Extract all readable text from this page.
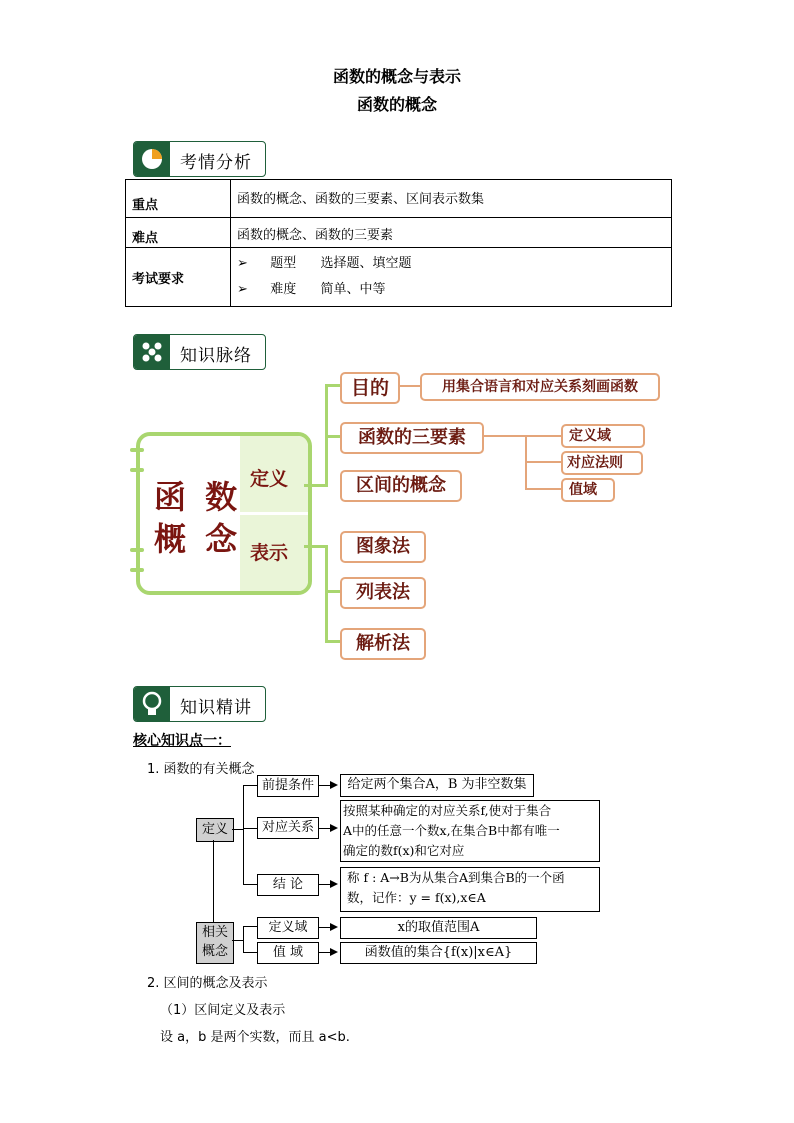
函数的概念与表示
函数的概念
考情分析
重点	函数的概念、函数的三要素、区间表示数集
难点	函数的概念、函数的三要素
考试要求	➢ 题型 选择题、填空题
➢ 难度 简单、中等
知识脉络
函 数
概 念
定义
表示
目的	用集合语言和对应关系刻画函数
函数的三要素	定义域
对应法则
值域
区间的概念
图象法
列表法
解析法
知识精讲
核心知识点一：
1. 函数的有关概念
定义
相关
概念
前提条件	给定两个集合A，B 为非空数集
对应关系
按照某种确定的对应关系f,使对于集合
A中的任意一个数x,在集合B中都有唯一
确定的数f(x)和它对应
结 论	称 f : A→B为从集合A到集合B的一个函
数，记作：y = f(x),x∈A
定义域	x的取值范围A
值 域	函数值的集合{f(x)|x∈A}
2. 区间的概念及表示
（1）区间定义及表示
设 a，b 是两个实数，而且 a<b.
